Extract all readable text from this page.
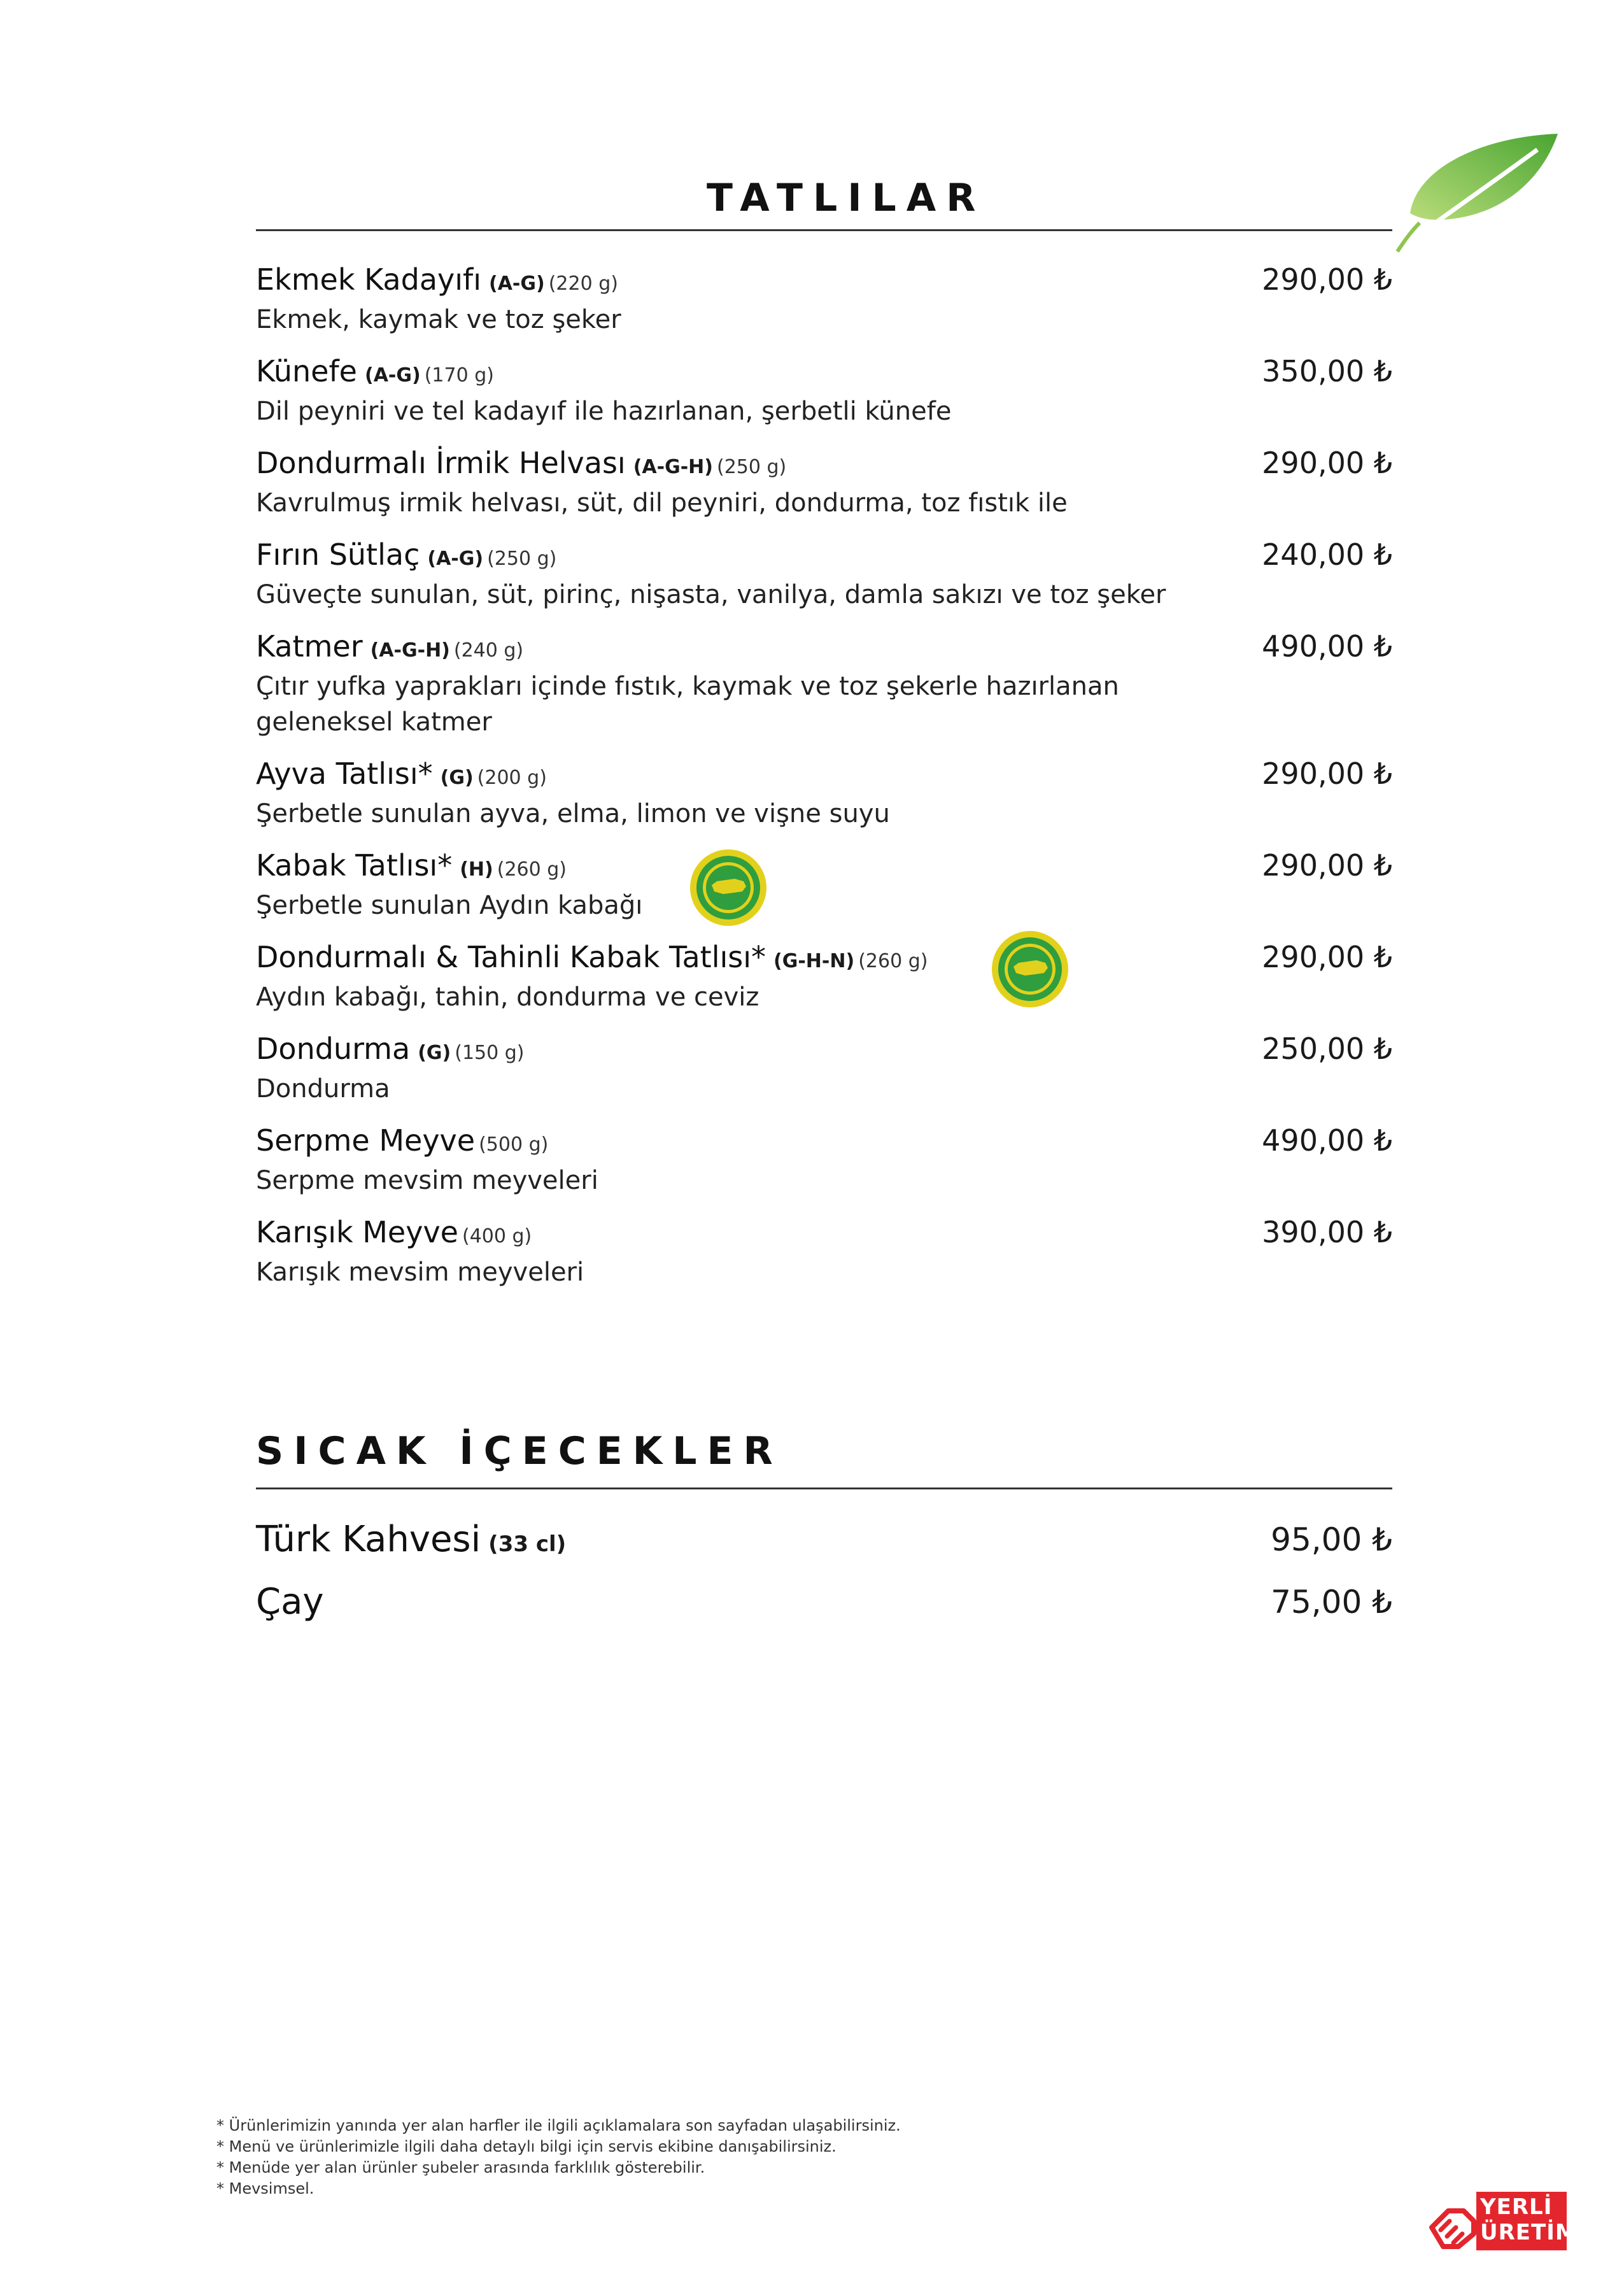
TATLILAR
Ekmek Kadayıfı (A-G) (220 g)	290,00 ₺
Ekmek, kaymak ve toz şeker
Künefe (A-G) (170 g)	350,00 ₺
Dil peyniri ve tel kadayıf ile hazırlanan, şerbetli künefe
Dondurmalı İrmik Helvası (A-G-H) (250 g)	290,00 ₺
Kavrulmuş irmik helvası, süt, dil peyniri, dondurma, toz fıstık ile
Fırın Sütlaç (A-G) (250 g)	240,00 ₺
Güveçte sunulan, süt, pirinç, nişasta, vanilya, damla sakızı ve toz şeker
Katmer (A-G-H) (240 g)	490,00 ₺
Çıtır yufka yaprakları içinde fıstık, kaymak ve toz şekerle hazırlanan
geleneksel katmer
Ayva Tatlısı* (G) (200 g)	290,00 ₺
Şerbetle sunulan ayva, elma, limon ve vişne suyu
Kabak Tatlısı* (H) (260 g)	290,00 ₺
Şerbetle sunulan Aydın kabağı
Dondurmalı & Tahinli Kabak Tatlısı* (G-H-N) (260 g)	290,00 ₺
Aydın kabağı, tahin, dondurma ve ceviz
Dondurma (G) (150 g)	250,00 ₺
Dondurma
Serpme Meyve (500 g)	490,00 ₺
Serpme mevsim meyveleri
Karışık Meyve (400 g)	390,00 ₺
Karışık mevsim meyveleri
SICAK İÇECEKLER
Türk Kahvesi (33 cl)	95,00 ₺
Çay	75,00 ₺
* Ürünlerimizin yanında yer alan harfler ile ilgili açıklamalara son sayfadan ulaşabilirsiniz.
* Menü ve ürünlerimizle ilgili daha detaylı bilgi için servis ekibine danışabilirsiniz.
* Menüde yer alan ürünler şubeler arasında farklılık gösterebilir.
* Mevsimsel.
YERLİ
ÜRETİM
